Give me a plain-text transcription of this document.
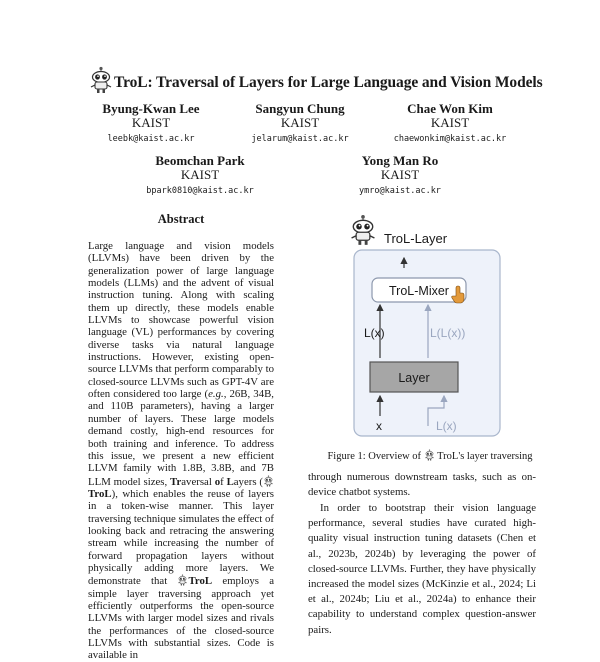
TroL: Traversal of Layers for Large Language and Vision Models
Byung-Kwan Lee
KAIST
leebk@kaist.ac.kr
Sangyun Chung
KAIST
jelarum@kaist.ac.kr
Chae Won Kim
KAIST
chaewonkim@kaist.ac.kr
Beomchan Park
KAIST
bpark0810@kaist.ac.kr
Yong Man Ro
KAIST
ymro@kaist.ac.kr
Abstract
Large language and vision models (LLVMs) have been driven by the generalization power of large language models (LLMs) and the advent of visual instruction tuning. Along with scaling them up directly, these models enable LLVMs to showcase powerful vision language (VL) performances by covering diverse tasks via natural language instructions. However, existing open-source LLVMs that perform comparably to closed-source LLVMs such as GPT-4V are often considered too large (e.g., 26B, 34B, and 110B parameters), having a larger number of layers. These large models demand costly, high-end resources for both training and inference. To address this issue, we present a new efficient LLVM family with 1.8B, 3.8B, and 7B LLM model sizes, Traversal of Layers ( TroL), which enables the reuse of layers in a token-wise manner. This layer traversing technique simulates the effect of looking back and retracing the answering stream while increasing the number of forward propagation layers without physically adding more layers. We demonstrate that TroL employs a simple layer traversing approach yet efficiently outperforms the open-source LLVMs with larger model sizes and rivals the performances of the closed-source LLVMs with substantial sizes. Code is available in
TroL-Layer
TroL-Mixer
L(x)	L(L(x))
Layer
x	L(x)
Figure 1: Overview of  TroL's layer traversing
through numerous downstream tasks, such as on-device chatbot systems.
In order to bootstrap their vision language performance, several studies have curated high-quality visual instruction tuning datasets (Chen et al., 2023b, 2024b) by leveraging the power of closed-source LLVMs. Further, they have physically increased the model sizes (McKinzie et al., 2024; Li et al., 2024b; Liu et al., 2024a) to enhance their capability to understand complex question-answer pairs.
